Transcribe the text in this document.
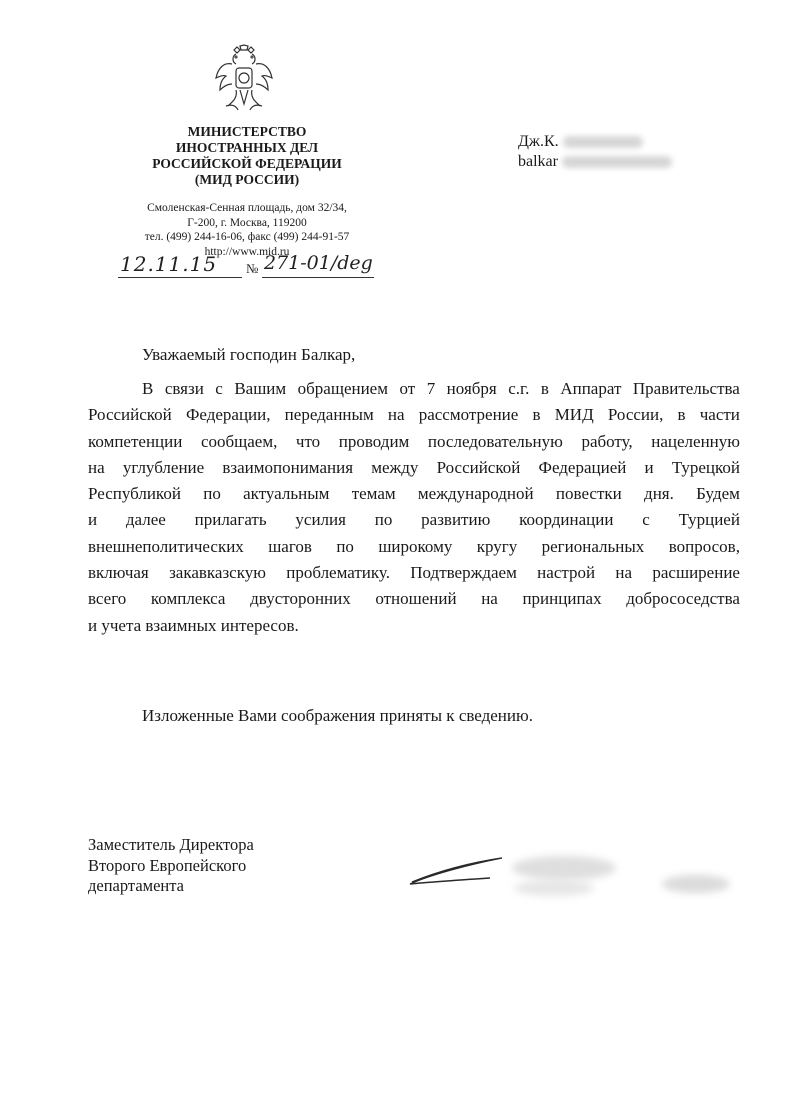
МИНИСТЕРСТВО
ИНОСТРАННЫХ ДЕЛ
РОССИЙСКОЙ ФЕДЕРАЦИИ
(МИД РОССИИ)
Смоленская-Сенная площадь, дом 32/34,
Г-200, г. Москва, 119200
тел. (499) 244-16-06, факс (499) 244-91-57
http://www.mid.ru
12.11.15 № 271-01/deg
Дж.К.
balkar
Уважаемый господин Балкар,
В связи с Вашим обращением от 7 ноября с.г. в Аппарат Правительства
Российской Федерации, переданным на рассмотрение в МИД России, в части
компетенции сообщаем, что проводим последовательную работу, нацеленную
на углубление взаимопонимания между Российской Федерацией и Турецкой
Республикой по актуальным темам международной повестки дня. Будем
и далее прилагать усилия по развитию координации с Турцией
внешнеполитических шагов по широкому кругу региональных вопросов,
включая закавказскую проблематику. Подтверждаем настрой на расширение
всего комплекса двусторонних отношений на принципах добрососедства
и учета взаимных интересов.
Изложенные Вами соображения приняты к сведению.
Заместитель Директора
Второго Европейского
департамента
